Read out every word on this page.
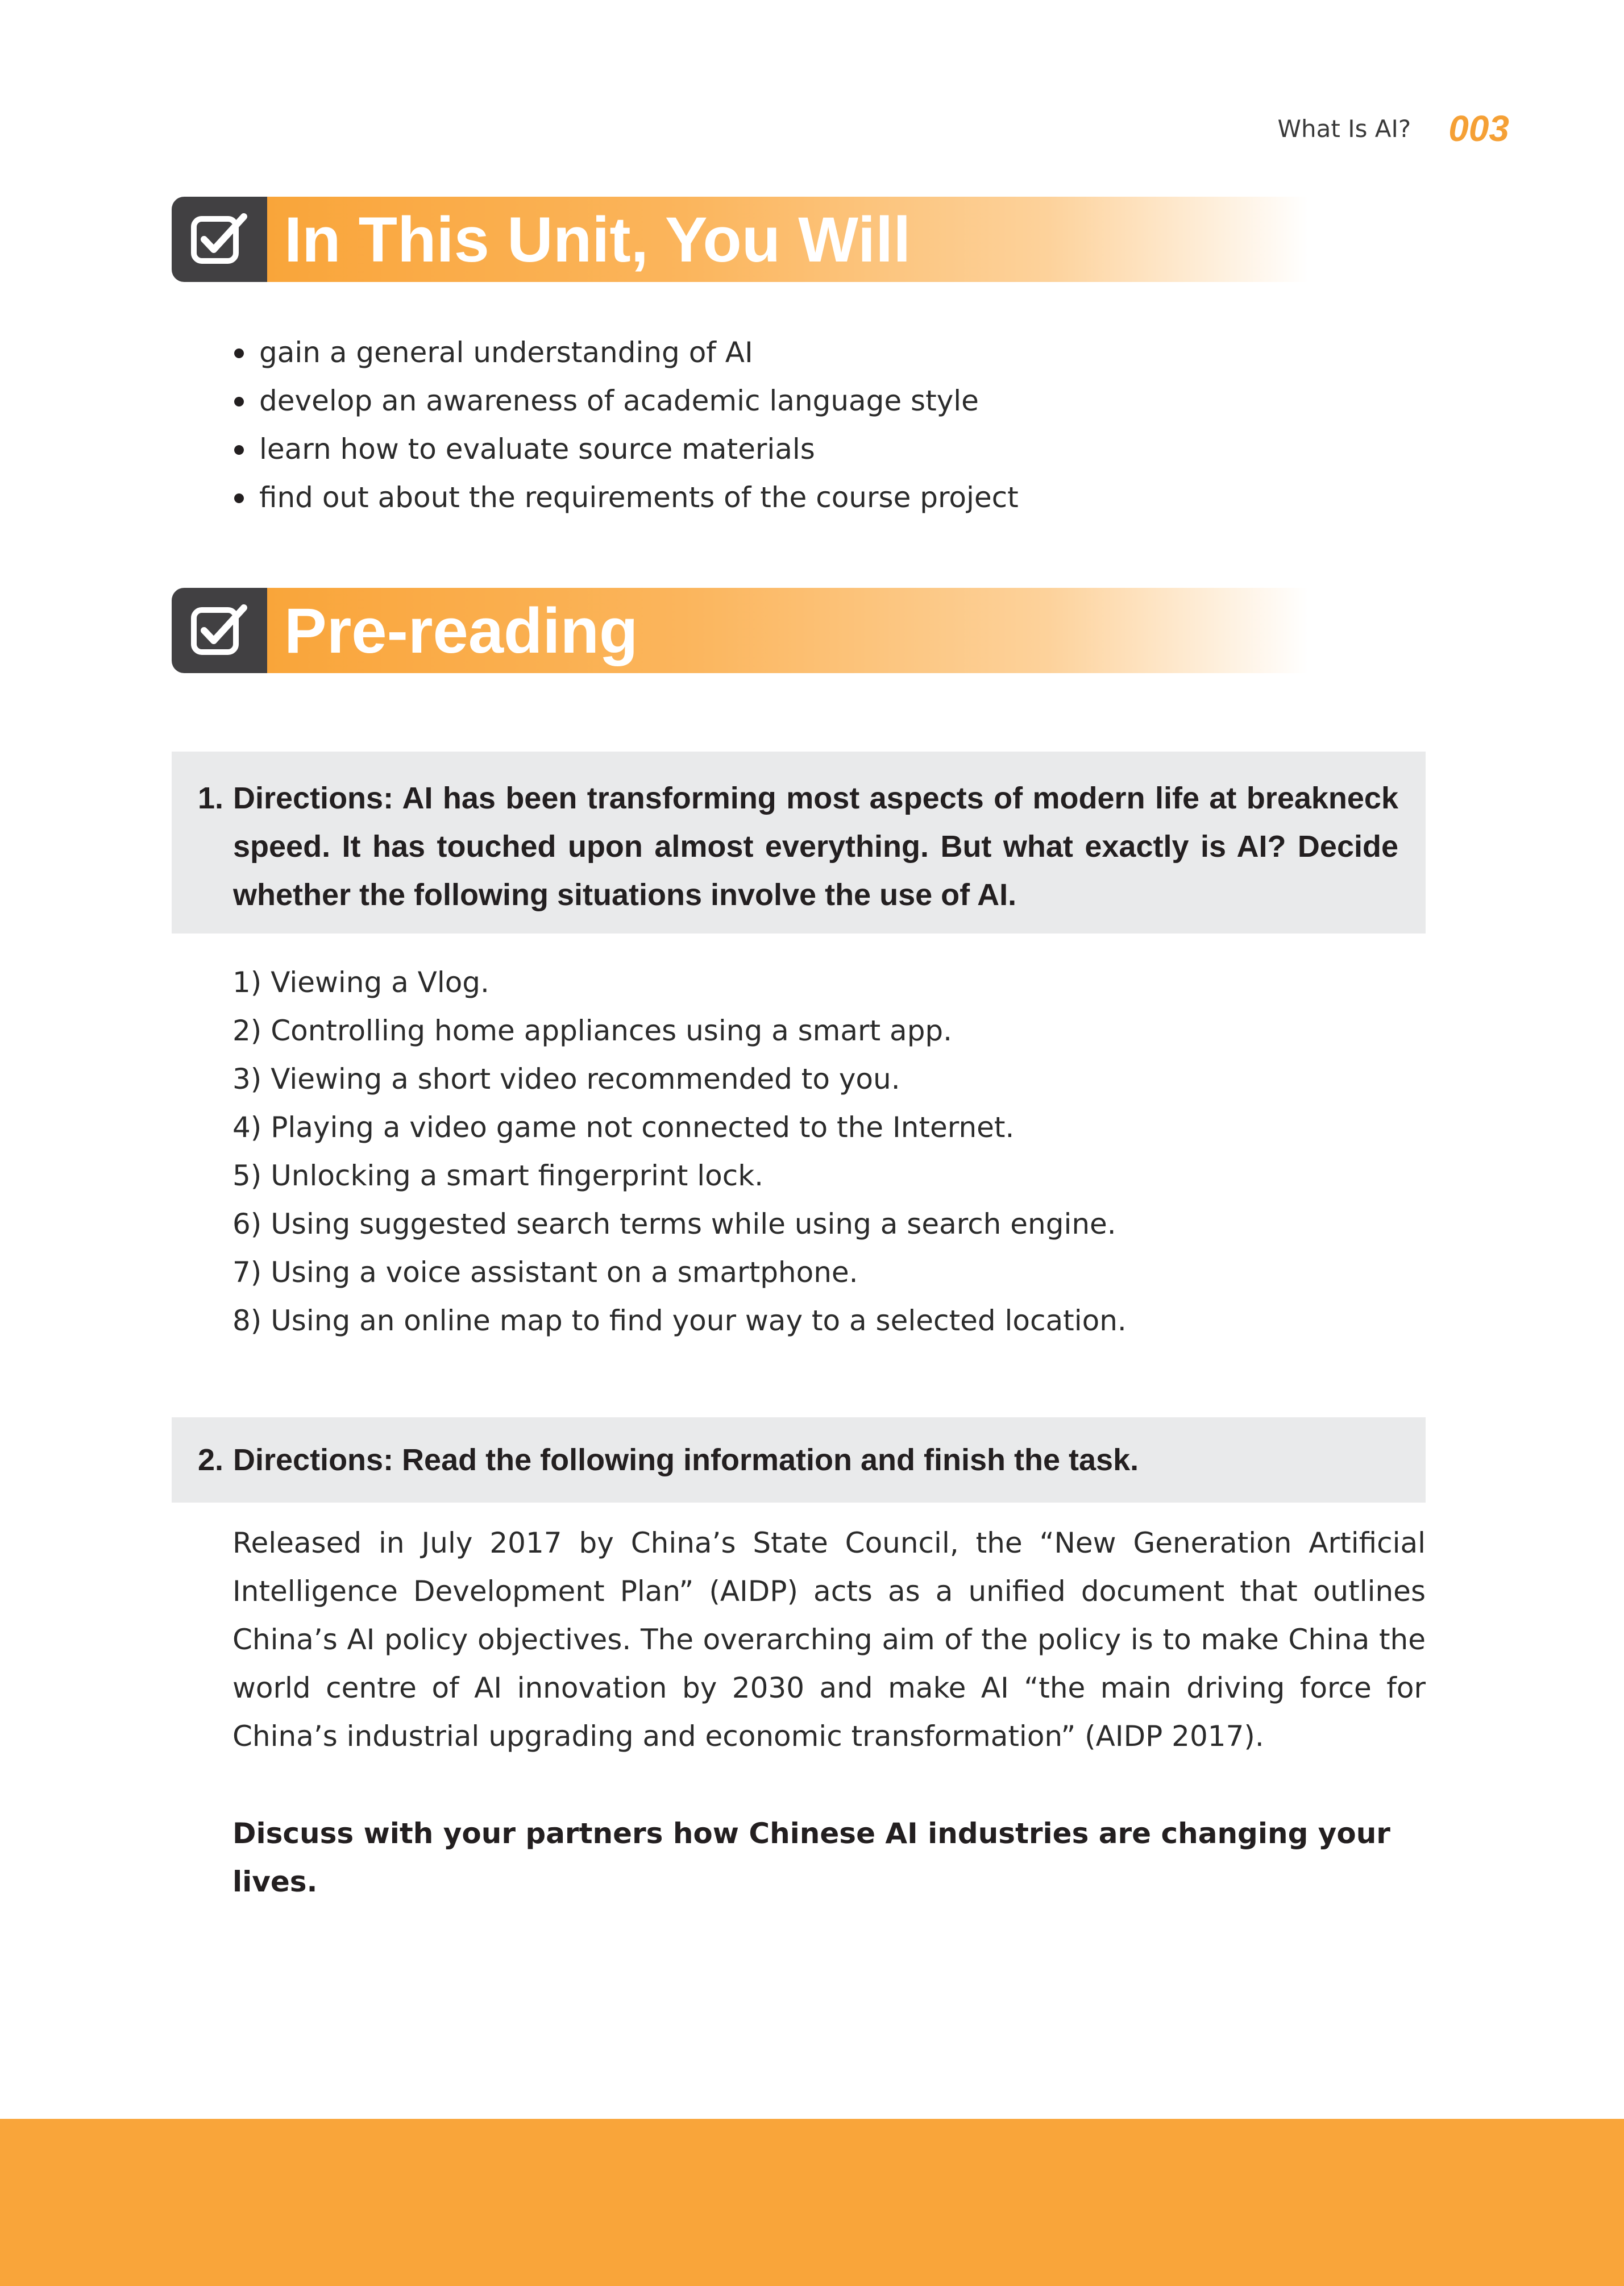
What Is AI? 003
In This Unit, You Will
gain a general understanding of AI
develop an awareness of academic language style
learn how to evaluate source materials
find out about the requirements of the course project
Pre-reading
1. Directions: AI has been transforming most aspects of modern life at breakneck speed. It has touched upon almost everything. But what exactly is AI? Decide whether the following situations involve the use of AI.
1) Viewing a Vlog.
2) Controlling home appliances using a smart app.
3) Viewing a short video recommended to you.
4) Playing a video game not connected to the Internet.
5) Unlocking a smart fingerprint lock.
6) Using suggested search terms while using a search engine.
7) Using a voice assistant on a smartphone.
8) Using an online map to find your way to a selected location.
2. Directions: Read the following information and finish the task.

Released in July 2017 by China’s State Council, the “New Generation Artificial Intelligence Development Plan” (AIDP) acts as a unified document that outlines China’s AI policy objectives. The overarching aim of the policy is to make China the world centre of AI innovation by 2030 and make AI “the main driving force for China’s industrial upgrading and economic transformation” (AIDP 2017).

Discuss with your partners how Chinese AI industries are changing your lives.
